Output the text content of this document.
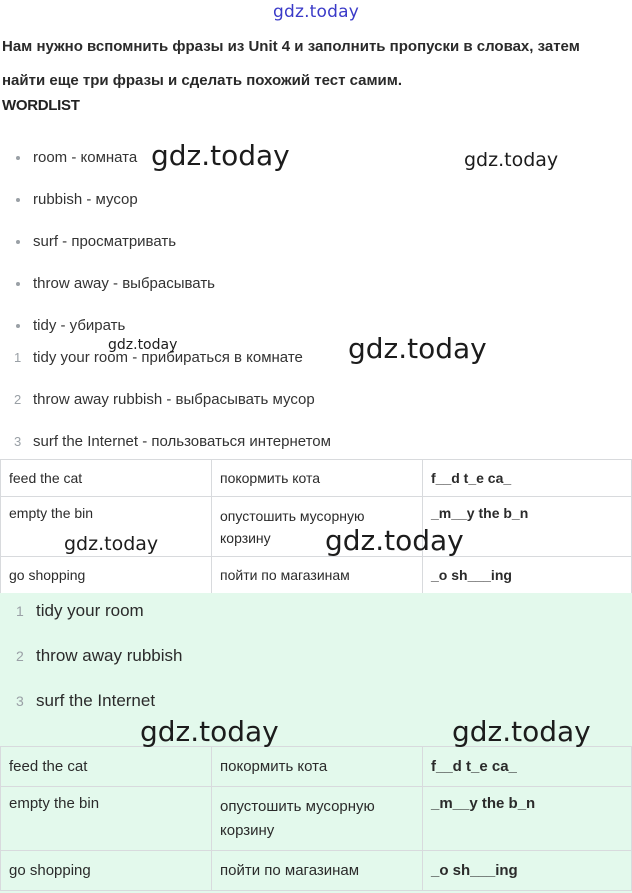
gdz.today
Нам нужно вспомнить фразы из Unit 4 и заполнить пропуски в словах, затем найти еще три фразы и сделать похожий тест самим.
WORDLIST
room - комната
rubbish - мусор
surf - просматривать
throw away - выбрасывать
tidy - убирать
1 tidy your room - прибираться в комнате
2 throw away rubbish - выбрасывать мусор
3 surf the Internet - пользоваться интернетом
feed the cat	покормить кота	f__d t_e ca_
empty the bin	опустошить мусорную корзину	_m__y the b_n
go shopping	пойти по магазинам	_o sh___ing
1 tidy your room
2 throw away rubbish
3 surf the Internet
feed the cat	покормить кота	f__d t_e ca_
empty the bin	опустошить мусорную корзину	_m__y the b_n
go shopping	пойти по магазинам	_o sh___ing
gdz.today	gdz.today
gdz.today	gdz.today
gdz.today	gdz.today
gdz.today	gdz.today
